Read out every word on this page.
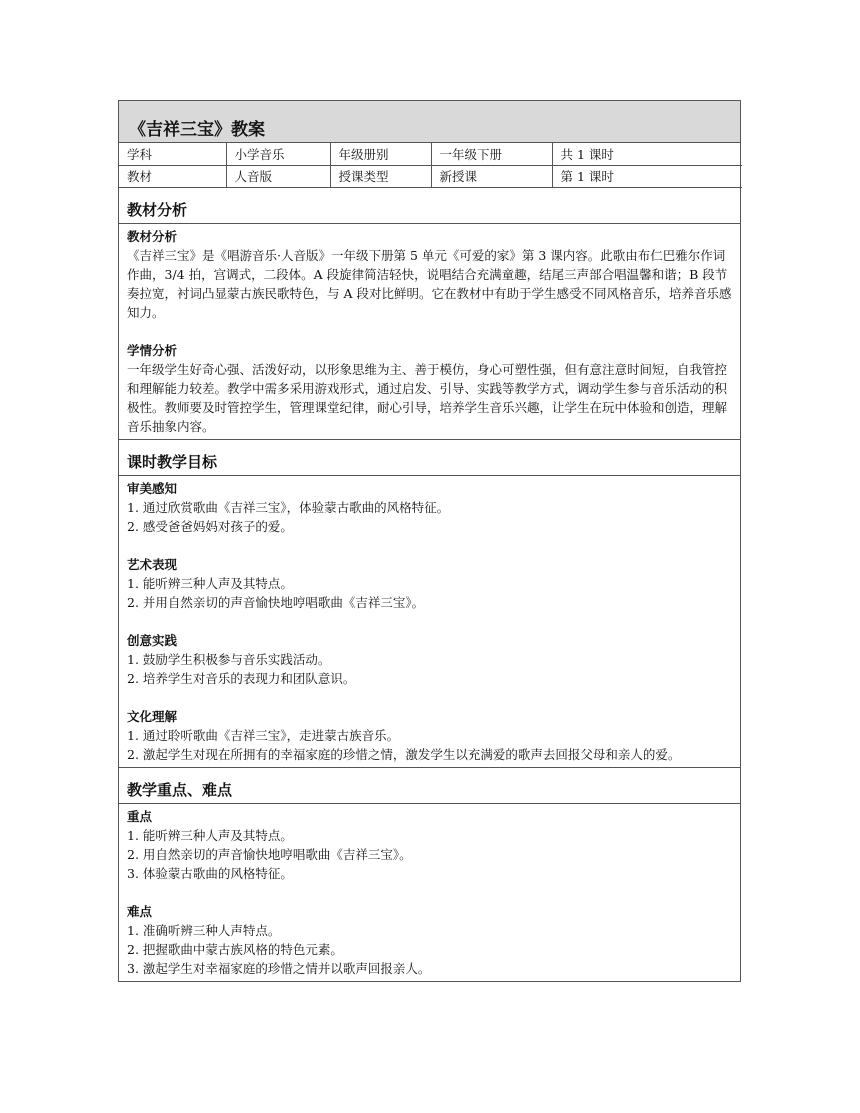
《吉祥三宝》教案
学科	小学音乐	年级册别	一年级下册	共 1 课时
教材	人音版	授课类型	新授课	第 1 课时
教材分析
教材分析

《吉祥三宝》是《唱游音乐·人音版》一年级下册第 5 单元《可爱的家》第 3 课内容。此歌由布仁巴雅尔作词作曲，3/4 拍，宫调式，二段体。A 段旋律简洁轻快，说唱结合充满童趣，结尾三声部合唱温馨和谐；B 段节奏拉宽，衬词凸显蒙古族民歌特色，与 A 段对比鲜明。它在教材中有助于学生感受不同风格音乐，培养音乐感知力。

学情分析

一年级学生好奇心强、活泼好动，以形象思维为主、善于模仿，身心可塑性强，但有意注意时间短，自我管控和理解能力较差。教学中需多采用游戏形式，通过启发、引导、实践等教学方式，调动学生参与音乐活动的积极性。教师要及时管控学生，管理课堂纪律，耐心引导，培养学生音乐兴趣，让学生在玩中体验和创造，理解音乐抽象内容。

课时教学目标
审美感知

1. 通过欣赏歌曲《吉祥三宝》，体验蒙古歌曲的风格特征。

2. 感受爸爸妈妈对孩子的爱。

艺术表现

1. 能听辨三种人声及其特点。

2. 并用自然亲切的声音愉快地哼唱歌曲《吉祥三宝》。

创意实践

1. 鼓励学生积极参与音乐实践活动。

2. 培养学生对音乐的表现力和团队意识。

文化理解

1. 通过聆听歌曲《吉祥三宝》，走进蒙古族音乐。

2. 激起学生对现在所拥有的幸福家庭的珍惜之情，激发学生以充满爱的歌声去回报父母和亲人的爱。

教学重点、难点
重点

1. 能听辨三种人声及其特点。

2. 用自然亲切的声音愉快地哼唱歌曲《吉祥三宝》。

3. 体验蒙古歌曲的风格特征。

难点

1. 准确听辨三种人声特点。

2. 把握歌曲中蒙古族风格的特色元素。

3. 激起学生对幸福家庭的珍惜之情并以歌声回报亲人。
